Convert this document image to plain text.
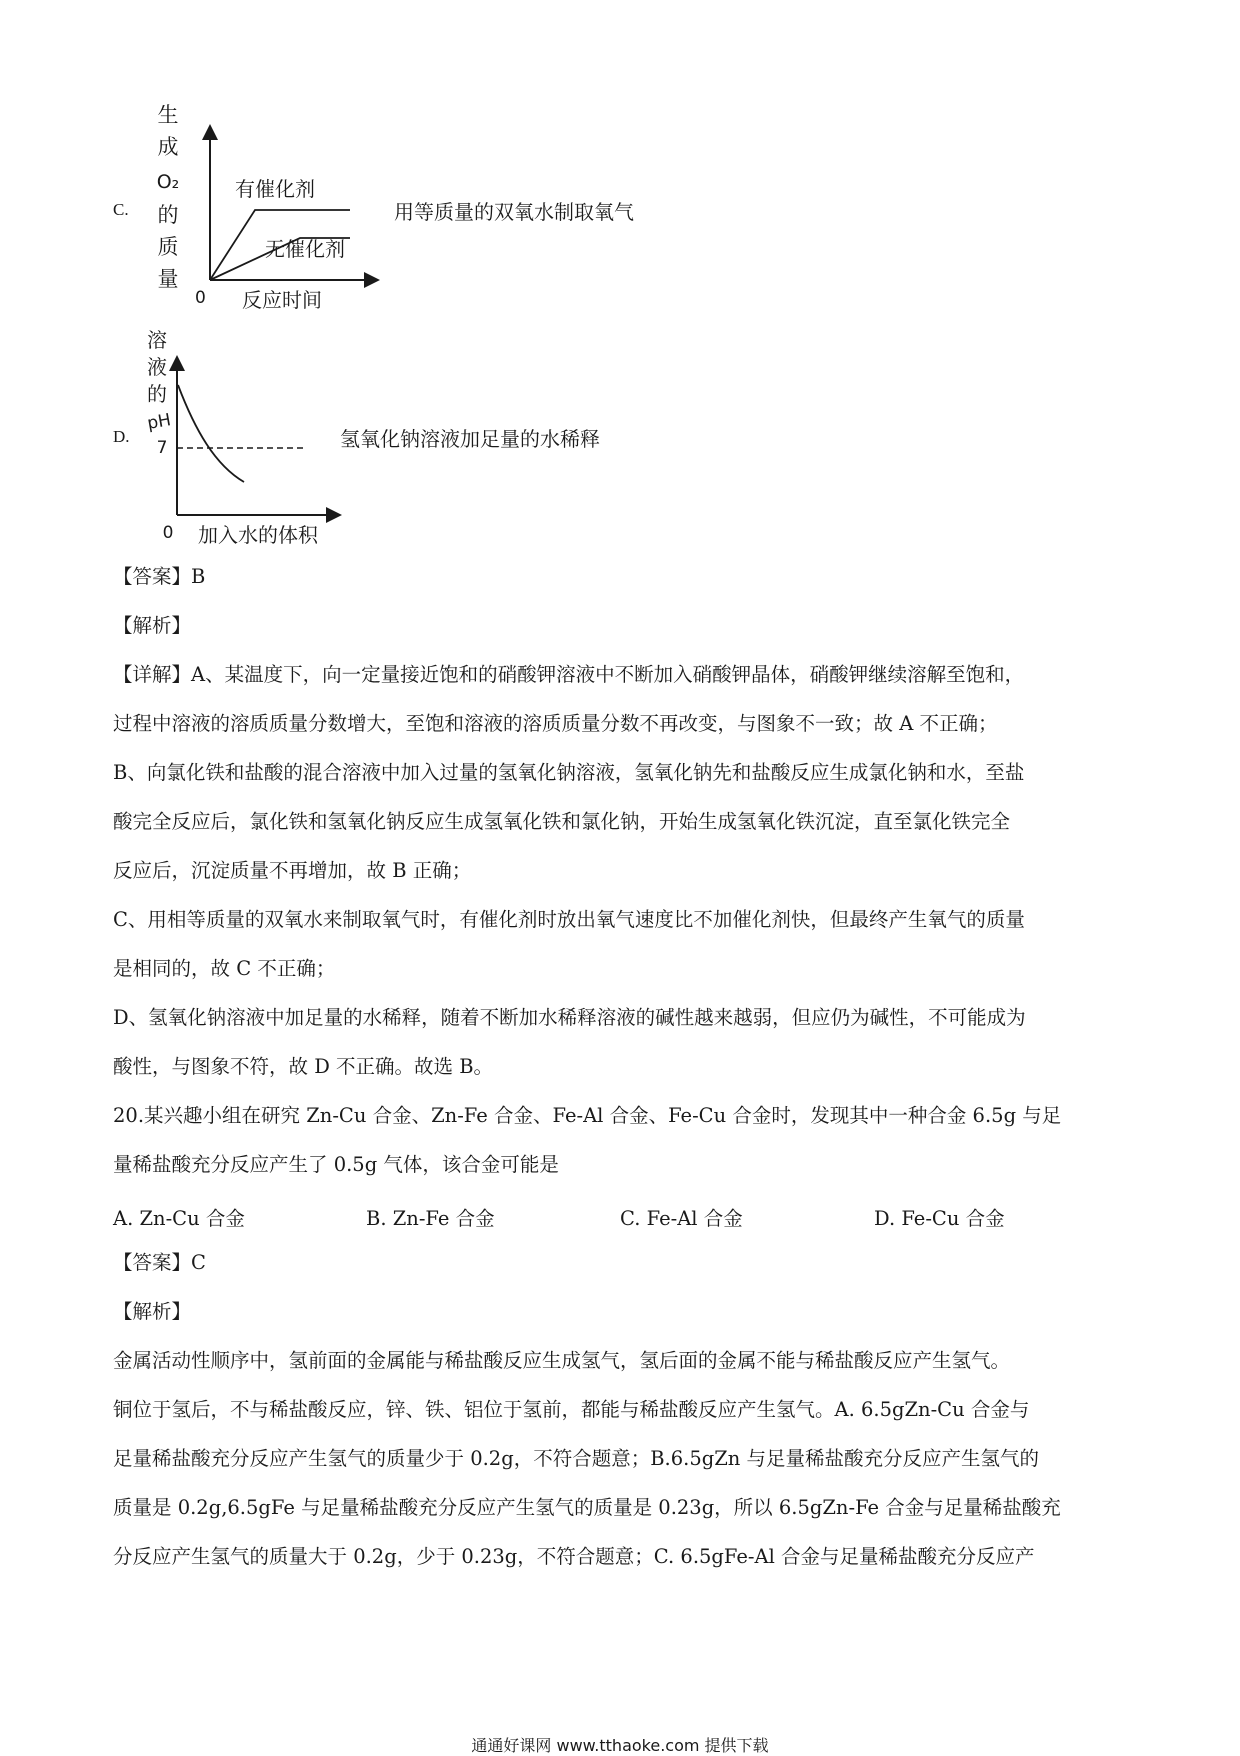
C.
生
成
O₂
的
质
量
有催化剂
无催化剂
0 反应时间
用等质量的双氧水制取氧气
D.
溶
液
的
pH
7
0 加入水的体积
氢氧化钠溶液加足量的水稀释
【答案】B
【解析】
【详解】A、某温度下，向一定量接近饱和的硝酸钾溶液中不断加入硝酸钾晶体，硝酸钾继续溶解至饱和，
过程中溶液的溶质质量分数增大，至饱和溶液的溶质质量分数不再改变，与图象不一致；故 A 不正确；
B、向氯化铁和盐酸的混合溶液中加入过量的氢氧化钠溶液，氢氧化钠先和盐酸反应生成氯化钠和水，至盐
酸完全反应后，氯化铁和氢氧化钠反应生成氢氧化铁和氯化钠，开始生成氢氧化铁沉淀，直至氯化铁完全
反应后，沉淀质量不再增加，故 B 正确；
C、用相等质量的双氧水来制取氧气时，有催化剂时放出氧气速度比不加催化剂快，但最终产生氧气的质量
是相同的，故 C 不正确；
D、氢氧化钠溶液中加足量的水稀释，随着不断加水稀释溶液的碱性越来越弱，但应仍为碱性，不可能成为
酸性，与图象不符，故 D 不正确。故选 B。
20.某兴趣小组在研究 Zn-Cu 合金、Zn-Fe 合金、Fe-Al 合金、Fe-Cu 合金时，发现其中一种合金 6.5g 与足
量稀盐酸充分反应产生了 0.5g 气体，该合金可能是
A. Zn-Cu 合金	B. Zn-Fe 合金	C. Fe-Al 合金	D. Fe-Cu 合金
【答案】C
【解析】
金属活动性顺序中，氢前面的金属能与稀盐酸反应生成氢气，氢后面的金属不能与稀盐酸反应产生氢气。
铜位于氢后，不与稀盐酸反应，锌、铁、铝位于氢前，都能与稀盐酸反应产生氢气。A. 6.5gZn-Cu 合金与
足量稀盐酸充分反应产生氢气的质量少于 0.2g，不符合题意；B.6.5gZn 与足量稀盐酸充分反应产生氢气的
质量是 0.2g,6.5gFe 与足量稀盐酸充分反应产生氢气的质量是 0.23g，所以 6.5gZn-Fe 合金与足量稀盐酸充
分反应产生氢气的质量大于 0.2g，少于 0.23g，不符合题意；C. 6.5gFe-Al 合金与足量稀盐酸充分反应产
通通好课网 www.tthaoke.com 提供下载
